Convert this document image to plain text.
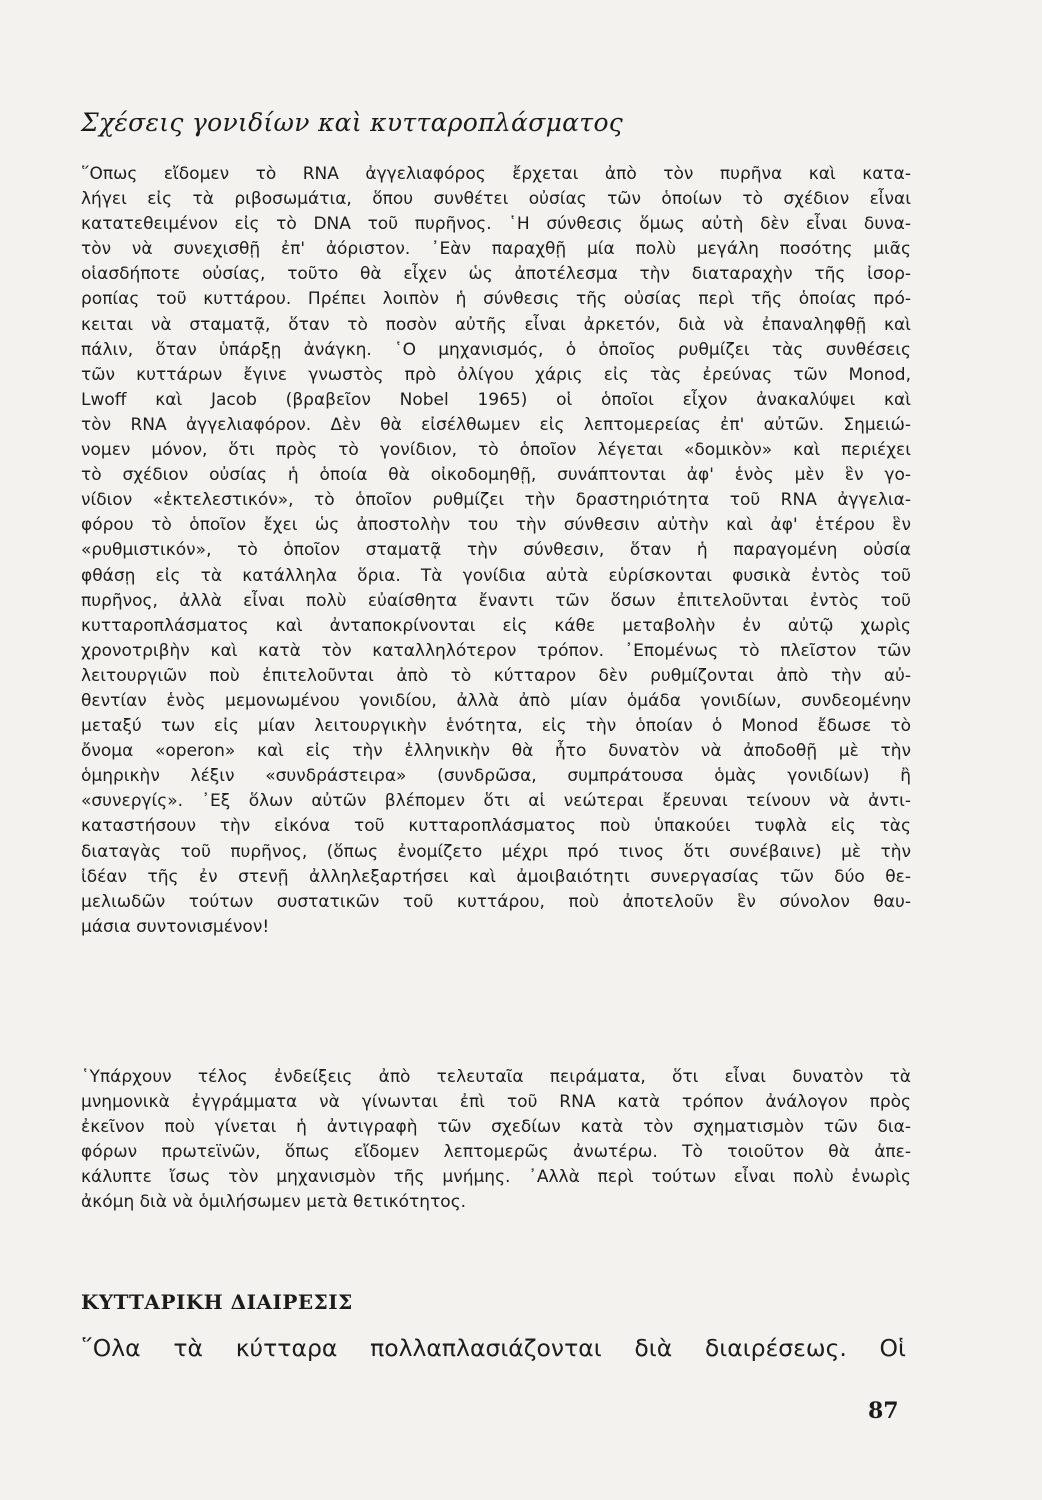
Σχέσεις γονιδίων καὶ κυτταροπλάσματος

῞Οπως εἴδομεν τὸ RNA ἀγγελιαφόρος ἔρχεται ἀπὸ τὸν πυρῆνα καὶ κατα-
λήγει εἰς τὰ ριβοσωμάτια, ὅπου συνθέτει οὐσίας τῶν ὁποίων τὸ σχέδιον εἶναι
κατατεθειμένον εἰς τὸ DNA τοῦ πυρῆνος. ῾Η σύνθεσις ὅμως αὐτὴ δὲν εἶναι δυνα-
τὸν νὰ συνεχισθῇ ἐπ' ἀόριστον. ᾿Εὰν παραχθῇ μία πολὺ μεγάλη ποσότης μιᾶς
οἱασδήποτε οὐσίας, τοῦτο θὰ εἶχεν ὡς ἀποτέλεσμα τὴν διαταραχὴν τῆς ἰσορ-
ροπίας τοῦ κυττάρου. Πρέπει λοιπὸν ἡ σύνθεσις τῆς οὐσίας περὶ τῆς ὁποίας πρό-
κειται νὰ σταματᾷ, ὅταν τὸ ποσὸν αὐτῆς εἶναι ἀρκετόν, διὰ νὰ ἐπαναληφθῇ καὶ
πάλιν, ὅταν ὑπάρξῃ ἀνάγκη. ῾Ο μηχανισμός, ὁ ὁποῖος ρυθμίζει τὰς συνθέσεις
τῶν κυττάρων ἔγινε γνωστὸς πρὸ ὀλίγου χάρις εἰς τὰς ἐρεύνας τῶν Monod,
Lwoff καὶ Jacob (βραβεῖον Nobel 1965) οἱ ὁποῖοι εἶχον ἀνακαλύψει καὶ
τὸν RNA ἀγγελιαφόρον. Δὲν θὰ εἰσέλθωμεν εἰς λεπτομερείας ἐπ' αὐτῶν. Σημειώ-
νομεν μόνον, ὅτι πρὸς τὸ γονίδιον, τὸ ὁποῖον λέγεται «δομικὸν» καὶ περιέχει
τὸ σχέδιον οὐσίας ἡ ὁποία θὰ οἰκοδομηθῇ, συνάπτονται ἀφ' ἑνὸς μὲν ἓν γο-
νίδιον «ἐκτελεστικόν», τὸ ὁποῖον ρυθμίζει τὴν δραστηριότητα τοῦ RNA ἀγγελια-
φόρου τὸ ὁποῖον ἔχει ὡς ἀποστολὴν του τὴν σύνθεσιν αὐτὴν καὶ ἀφ' ἑτέρου ἓν
«ρυθμιστικόν», τὸ ὁποῖον σταματᾷ τὴν σύνθεσιν, ὅταν ἡ παραγομένη οὐσία
φθάσῃ εἰς τὰ κατάλληλα ὅρια. Τὰ γονίδια αὐτὰ εὑρίσκονται φυσικὰ ἐντὸς τοῦ
πυρῆνος, ἀλλὰ εἶναι πολὺ εὐαίσθητα ἔναντι τῶν ὅσων ἐπιτελοῦνται ἐντὸς τοῦ
κυτταροπλάσματος καὶ ἀνταποκρίνονται εἰς κάθε μεταβολὴν ἐν αὐτῷ χωρὶς
χρονοτριβὴν καὶ κατὰ τὸν καταλληλότερον τρόπον. ᾿Επομένως τὸ πλεῖστον τῶν
λειτουργιῶν ποὺ ἐπιτελοῦνται ἀπὸ τὸ κύτταρον δὲν ρυθμίζονται ἀπὸ τὴν αὐ-
θεντίαν ἑνὸς μεμονωμένου γονιδίου, ἀλλὰ ἀπὸ μίαν ὁμάδα γονιδίων, συνδεομένην
μεταξύ των εἰς μίαν λειτουργικὴν ἑνότητα, εἰς τὴν ὁποίαν ὁ Monod ἔδωσε τὸ
ὄνομα «operon» καὶ εἰς τὴν ἑλληνικὴν θὰ ἦτο δυνατὸν νὰ ἀποδοθῇ μὲ τὴν
ὁμηρικὴν λέξιν «συνδράστειρα» (συνδρῶσα, συμπράτουσα ὁμὰς γονιδίων) ἢ
«συνεργίς». ᾿Εξ ὅλων αὐτῶν βλέπομεν ὅτι αἱ νεώτεραι ἔρευναι τείνουν νὰ ἀντι-
καταστήσουν τὴν εἰκόνα τοῦ κυτταροπλάσματος ποὺ ὑπακούει τυφλὰ εἰς τὰς
διαταγὰς τοῦ πυρῆνος, (ὅπως ἐνομίζετο μέχρι πρό τινος ὅτι συνέβαινε) μὲ τὴν
ἰδέαν τῆς ἐν στενῇ ἀλληλεξαρτήσει καὶ ἀμοιβαιότητι συνεργασίας τῶν δύο θε-
μελιωδῶν τούτων συστατικῶν τοῦ κυττάρου, ποὺ ἀποτελοῦν ἓν σύνολον θαυ-
μάσια συντονισμένον!

῾Υπάρχουν τέλος ἐνδείξεις ἀπὸ τελευταῖα πειράματα, ὅτι εἶναι δυνατὸν τὰ
μνημονικὰ ἐγγράμματα νὰ γίνωνται ἐπὶ τοῦ RNA κατὰ τρόπον ἀνάλογον πρὸς
ἐκεῖνον ποὺ γίνεται ἡ ἀντιγραφὴ τῶν σχεδίων κατὰ τὸν σχηματισμὸν τῶν δια-
φόρων πρωτεϊνῶν, ὅπως εἴδομεν λεπτομερῶς ἀνωτέρω. Τὸ τοιοῦτον θὰ ἀπε-
κάλυπτε ἴσως τὸν μηχανισμὸν τῆς μνήμης. ᾿Αλλὰ περὶ τούτων εἶναι πολὺ ἐνωρὶς
ἀκόμη διὰ νὰ ὁμιλήσωμεν μετὰ θετικότητος.

ΚΥΤΤΑΡΙΚΗ ΔΙΑΙΡΕΣΙΣ

῞Ολα τὰ κύτταρα πολλαπλασιάζονται διὰ διαιρέσεως. Οἱ

87
